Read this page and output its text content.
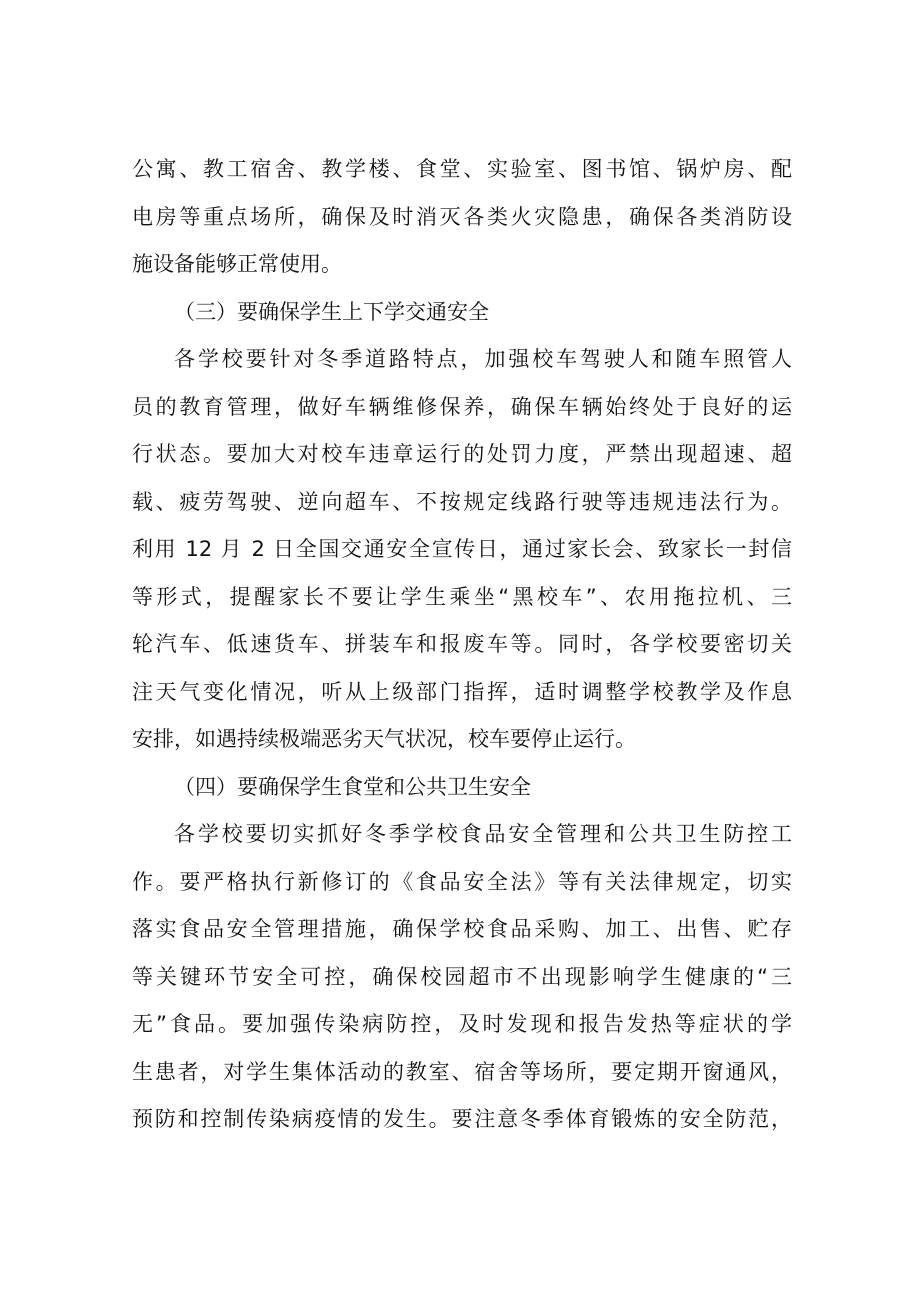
公寓、教工宿舍、教学楼、食堂、实验室、图书馆、锅炉房、配
电房等重点场所，确保及时消灭各类火灾隐患，确保各类消防设
施设备能够正常使用。
（三）要确保学生上下学交通安全
各学校要针对冬季道路特点，加强校车驾驶人和随车照管人
员的教育管理，做好车辆维修保养，确保车辆始终处于良好的运
行状态。要加大对校车违章运行的处罚力度，严禁出现超速、超
载、疲劳驾驶、逆向超车、不按规定线路行驶等违规违法行为。
利用 12 月 2 日全国交通安全宣传日，通过家长会、致家长一封信
等形式，提醒家长不要让学生乘坐“黑校车”、农用拖拉机、三
轮汽车、低速货车、拼装车和报废车等。同时，各学校要密切关
注天气变化情况，听从上级部门指挥，适时调整学校教学及作息
安排，如遇持续极端恶劣天气状况，校车要停止运行。
（四）要确保学生食堂和公共卫生安全
各学校要切实抓好冬季学校食品安全管理和公共卫生防控工
作。要严格执行新修订的《食品安全法》等有关法律规定，切实
落实食品安全管理措施，确保学校食品采购、加工、出售、贮存
等关键环节安全可控，确保校园超市不出现影响学生健康的“三
无”食品。要加强传染病防控，及时发现和报告发热等症状的学
生患者，对学生集体活动的教室、宿舍等场所，要定期开窗通风，
预防和控制传染病疫情的发生。要注意冬季体育锻炼的安全防范，
